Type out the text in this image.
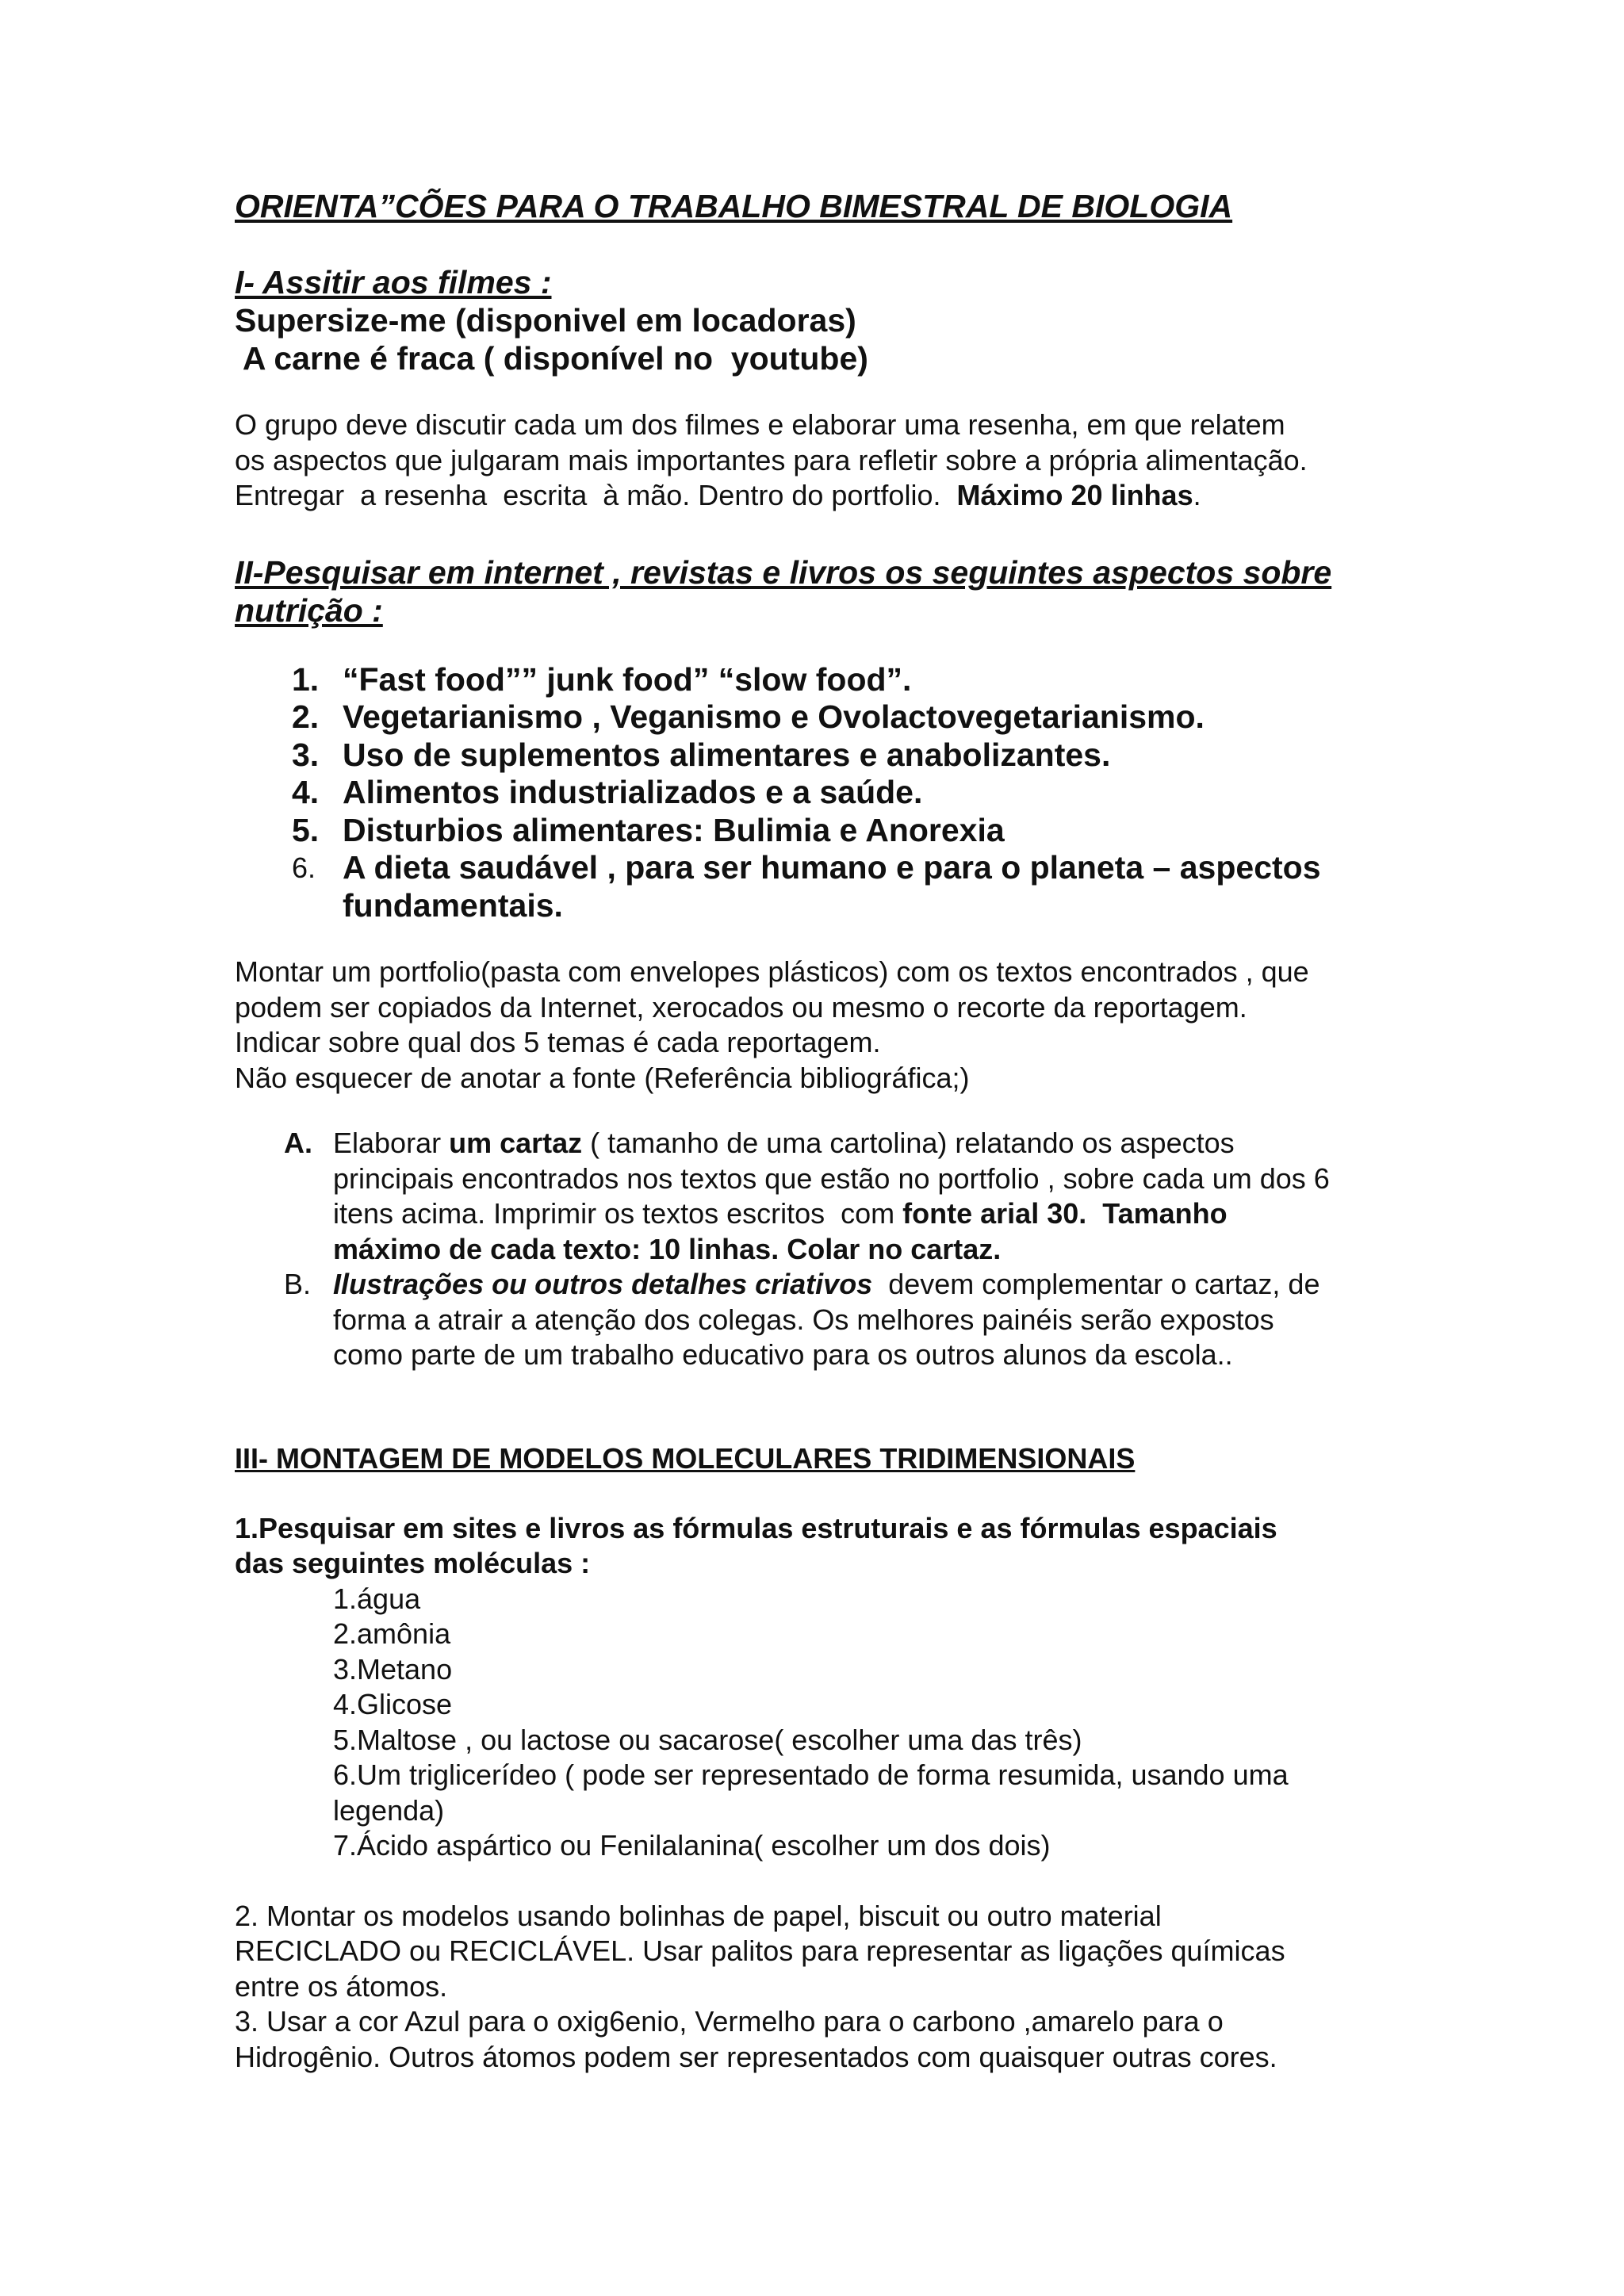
ORIENTA”CÕES PARA O TRABALHO BIMESTRAL DE BIOLOGIA
I- Assitir aos filmes :
Supersize-me (disponivel em locadoras)
A carne é fraca ( disponível no  youtube)
O grupo deve discutir cada um dos filmes e elaborar uma resenha, em que relatem
os aspectos que julgaram mais importantes para refletir sobre a própria alimentação.
Entregar  a resenha  escrita  à mão. Dentro do portfolio.  Máximo 20 linhas.
II-Pesquisar em internet , revistas e livros os seguintes aspectos sobre
nutrição :
1. “Fast food”” junk food” “slow food”.
2. Vegetarianismo , Veganismo e Ovolactovegetarianismo.
3. Uso de suplementos alimentares e anabolizantes.
4. Alimentos industrializados e a saúde.
5. Disturbios alimentares: Bulimia e Anorexia
6. A dieta saudável , para ser humano e para o planeta – aspectos
fundamentais.
Montar um portfolio(pasta com envelopes plásticos) com os textos encontrados , que
podem ser copiados da Internet, xerocados ou mesmo o recorte da reportagem.
Indicar sobre qual dos 5 temas é cada reportagem.
Não esquecer de anotar a fonte (Referência bibliográfica;)
A. Elaborar um cartaz ( tamanho de uma cartolina) relatando os aspectos
principais encontrados nos textos que estão no portfolio , sobre cada um dos 6
itens acima. Imprimir os textos escritos  com fonte arial 30.  Tamanho
máximo de cada texto: 10 linhas. Colar no cartaz.
B. Ilustrações ou outros detalhes criativos  devem complementar o cartaz, de
forma a atrair a atenção dos colegas. Os melhores painéis serão expostos
como parte de um trabalho educativo para os outros alunos da escola..
III- MONTAGEM DE MODELOS MOLECULARES TRIDIMENSIONAIS
1.Pesquisar em sites e livros as fórmulas estruturais e as fórmulas espaciais
das seguintes moléculas :
1.água
2.amônia
3.Metano
4.Glicose
5.Maltose , ou lactose ou sacarose( escolher uma das três)
6.Um triglicerídeo ( pode ser representado de forma resumida, usando uma
legenda)
7.Ácido aspártico ou Fenilalanina( escolher um dos dois)
2. Montar os modelos usando bolinhas de papel, biscuit ou outro material
RECICLADO ou RECICLÁVEL. Usar palitos para representar as ligações químicas
entre os átomos.
3. Usar a cor Azul para o oxig6enio, Vermelho para o carbono ,amarelo para o
Hidrogênio. Outros átomos podem ser representados com quaisquer outras cores.
